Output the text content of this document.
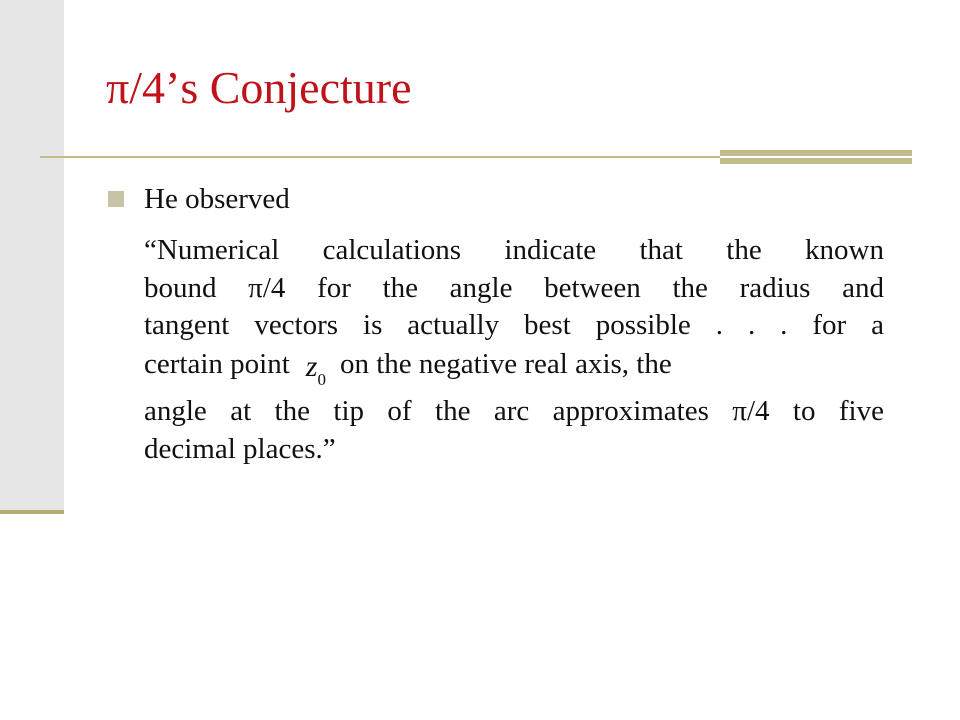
π/4’s Conjecture
He observed
“Numerical calculations indicate that the known
bound π/4 for the angle between the radius and
tangent vectors is actually best possible . . . for a
certain point $z_0$ on the negative real axis, the
angle at the tip of the arc approximates π/4 to five
decimal places.”
